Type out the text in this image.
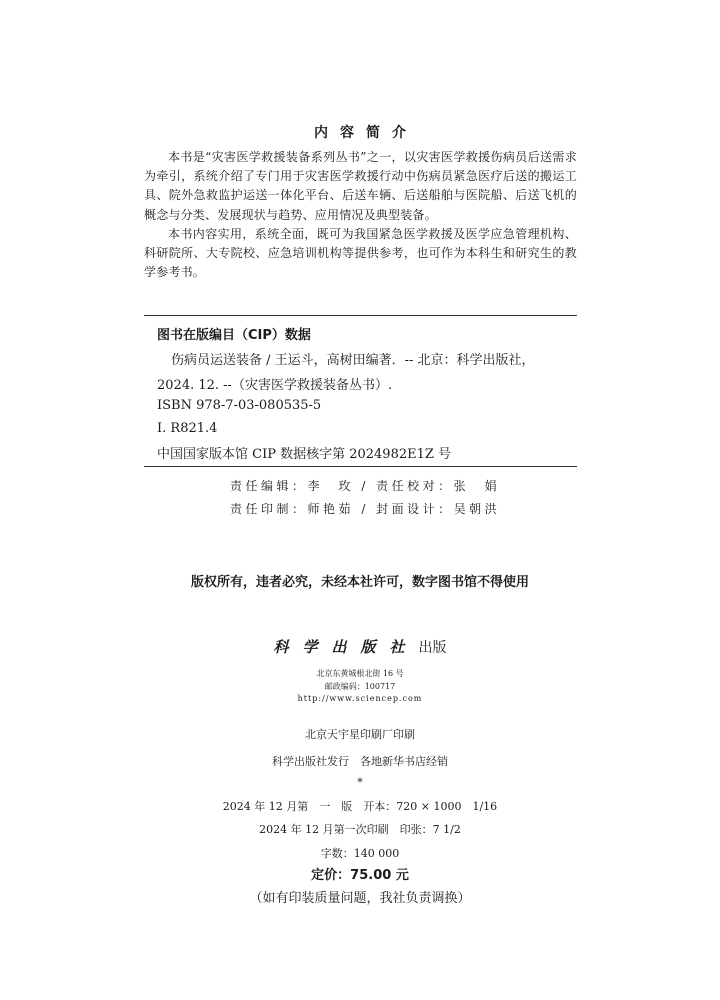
内容简介

本书是“灾害医学救援装备系列丛书”之一，以灾害医学救援伤病员后送需求为牵引，系统介绍了专门用于灾害医学救援行动中伤病员紧急医疗后送的搬运工具、院外急救监护运送一体化平台、后送车辆、后送船舶与医院船、后送飞机的概念与分类、发展现状与趋势、应用情况及典型装备。

本书内容实用，系统全面，既可为我国紧急医学救援及医学应急管理机构、科研院所、大专院校、应急培训机构等提供参考，也可作为本科生和研究生的教学参考书。

图书在版编目（CIP）数据
伤病员运送装备 / 王运斗，高树田编著．-- 北京：科学出版社，
2024. 12. --（灾害医学救援装备丛书）.
ISBN 978-7-03-080535-5
Ⅰ. R821.4
中国国家版本馆 CIP 数据核字第 2024982E1Z 号
责任编辑：李　玫 / 责任校对：张　娟
责任印制：师艳茹 / 封面设计：吴朝洪
版权所有，违者必究，未经本社许可，数字图书馆不得使用
科学出版社出版
北京东黄城根北街 16 号
邮政编码：100717
http://www.sciencep.com
北京天宇星印刷厂印刷
科学出版社发行　各地新华书店经销
*
2024 年 12 月第　一　版　开本：720 × 1000　1/16
2024 年 12 月第一次印刷　印张：7 1/2
字数：140 000
定价：75.00 元
（如有印装质量问题，我社负责调换）
